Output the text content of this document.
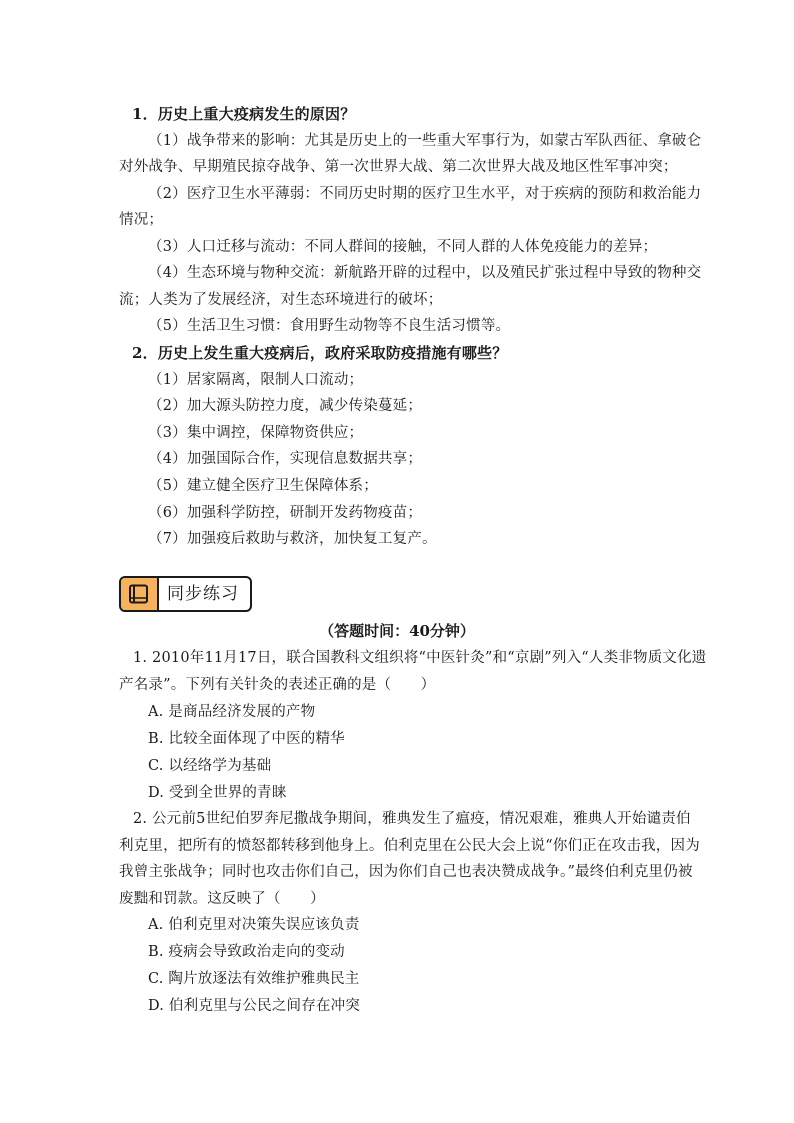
1．历史上重大疫病发生的原因？
（1）战争带来的影响：尤其是历史上的一些重大军事行为，如蒙古军队西征、拿破仑
对外战争、早期殖民掠夺战争、第一次世界大战、第二次世界大战及地区性军事冲突；
（2）医疗卫生水平薄弱：不同历史时期的医疗卫生水平，对于疾病的预防和救治能力
情况；
（3）人口迁移与流动：不同人群间的接触，不同人群的人体免疫能力的差异；
（4）生态环境与物种交流：新航路开辟的过程中，以及殖民扩张过程中导致的物种交
流；人类为了发展经济，对生态环境进行的破坏；
（5）生活卫生习惯：食用野生动物等不良生活习惯等。
2．历史上发生重大疫病后，政府采取防疫措施有哪些？
（1）居家隔离，限制人口流动；
（2）加大源头防控力度，减少传染蔓延；
（3）集中调控，保障物资供应；
（4）加强国际合作，实现信息数据共享；
（5）建立健全医疗卫生保障体系；
（6）加强科学防控，研制开发药物疫苗；
（7）加强疫后救助与救济，加快复工复产。
同步练习
（答题时间：40分钟）
1. 2010年11月17日，联合国教科文组织将“中医针灸”和“京剧”列入“人类非物质文化遗
产名录”。下列有关针灸的表述正确的是（　　）
A. 是商品经济发展的产物
B. 比较全面体现了中医的精华
C. 以经络学为基础
D. 受到全世界的青睐
2. 公元前5世纪伯罗奔尼撒战争期间，雅典发生了瘟疫，情况艰难，雅典人开始谴责伯
利克里，把所有的愤怒都转移到他身上。伯利克里在公民大会上说“你们正在攻击我，因为
我曾主张战争；同时也攻击你们自己，因为你们自己也表决赞成战争。”最终伯利克里仍被
废黜和罚款。这反映了（　　）
A. 伯利克里对决策失误应该负责
B. 疫病会导致政治走向的变动
C. 陶片放逐法有效维护雅典民主
D. 伯利克里与公民之间存在冲突
